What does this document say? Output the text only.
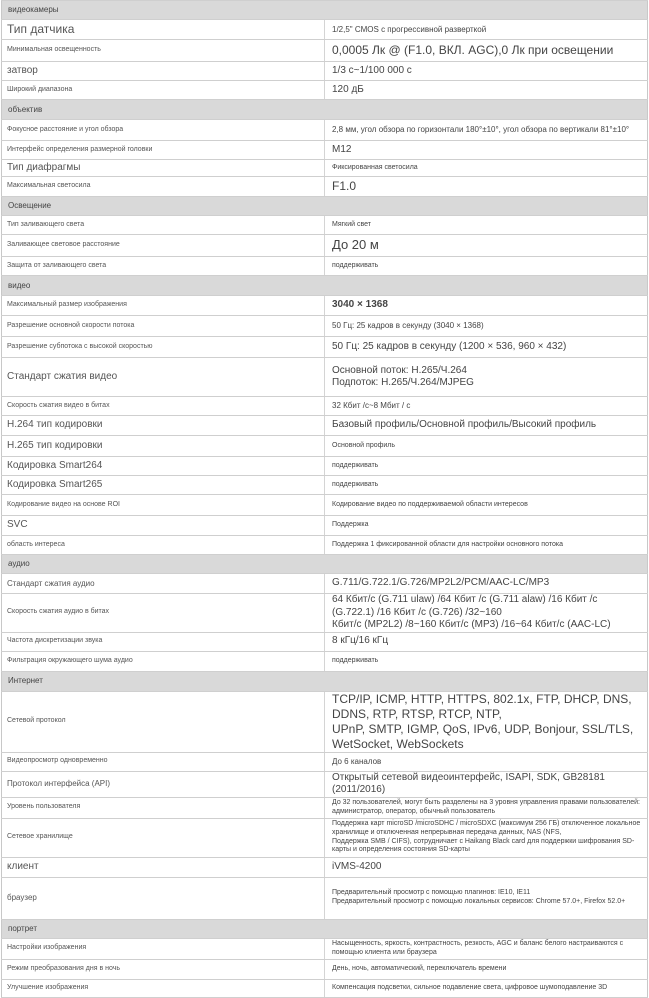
видеокамеры	
Тип датчика	1/2,5" CMOS с прогрессивной разверткой

Минимальная освещенность	0,0005 Лк @ (F1.0, ВКЛ. AGC),0 Лк при освещении

затвор	1/3 с~1/100 000 с

Широкий диапазона	120 дБ

объектив	
Фокусное расстояние и угол обзора	2,8 мм, угол обзора по горизонтали 180°±10°, угол обзора по вертикали 81°±10°

Интерфейс определения размерной головки	M12

Тип диафрагмы	Фиксированная светосила

Максимальная светосила	F1.0

Освещение	
Тип заливающего света	Мягкий свет

Заливающее световое расстояние	До 20 м

Защита от заливающего света	поддерживать

видео	
Максимальный размер изображения	3040 × 1368

Разрешение основной скорости потока	50 Гц: 25 кадров в секунду (3040 × 1368)

Разрешение субпотока с высокой скоростью	50 Гц: 25 кадров в секунду (1200 × 536, 960 × 432)

Стандарт сжатия видео	Основной поток: H.265/Ч.264
Подпоток: H.265/Ч.264/MJPEG

Скорость сжатия видео в битах	32 Кбит /с~8 Мбит / с

H.264 тип кодировки	Базовый профиль/Основной профиль/Высокий профиль

H.265 тип кодировки	Основной профиль

Кодировка Smart264	поддерживать

Кодировка Smart265	поддерживать

Кодирование видео на основе ROI	Кодирование видео по поддерживаемой области интересов

SVC	Поддержка

область интереса	Поддержка 1 фиксированной области для настройки основного потока

аудио	
Стандарт сжатия аудио	G.711/G.722.1/G.726/MP2L2/PCM/AAC-LC/MP3

Скорость сжатия аудио в битах	64 Кбит/с (G.711 ulaw) /64 Кбит /с (G.711 alaw) /16 Кбит /с (G.722.1) /16 Кбит /с (G.726) /32~160
Кбит/с (MP2L2) /8~160 Кбит/с (MP3) /16~64 Кбит/с (AAC-LC)

Частота дискретизации звука	8 кГц/16 кГц

Фильтрация окружающего шума аудио	поддерживать

Интернет	
Сетевой протокол	TCP/IP, ICMP, HTTP, HTTPS, 802.1x, FTP, DHCP, DNS, DDNS, RTP, RTSP, RTCP, NTP,
UPnP, SMTP, IGMP, QoS, IPv6, UDP, Bonjour, SSL/TLS, WetSocket, WebSockets

Видеопросмотр одновременно	До 6 каналов

Протокол интерфейса (API)	Открытый сетевой видеоинтерфейс, ISAPI, SDK, GB28181 (2011/2016)

Уровень пользователя	До 32 пользователей, могут быть разделены на 3 уровня управления правами пользователей: администратор, оператор, обычный пользователь

Сетевое хранилище	Поддержка карт microSD /microSDHC / microSDXC (максимум 256 ГБ) отключенное локальное хранилище и отключенная непрерывная передача данных, NAS (NFS,
Поддержка SMB / CIFS), сотрудничает с Haikang Black card для поддержки шифрования SD-карты и определения состояния SD-карты

клиент	iVMS-4200

браузер	Предварительный просмотр с помощью плагинов: IE10, IE11
Предварительный просмотр с помощью локальных сервисов: Chrome 57.0+, Firefox 52.0+

портрет	
Настройки изображения	Насыщенность, яркость, контрастность, резкость, AGC и баланс белого настраиваются с помощью клиента или браузера

Режим преобразования дня в ночь	День, ночь, автоматический, переключатель времени

Улучшение изображения	Компенсация подсветки, сильное подавление света, цифровое шумоподавление 3D
